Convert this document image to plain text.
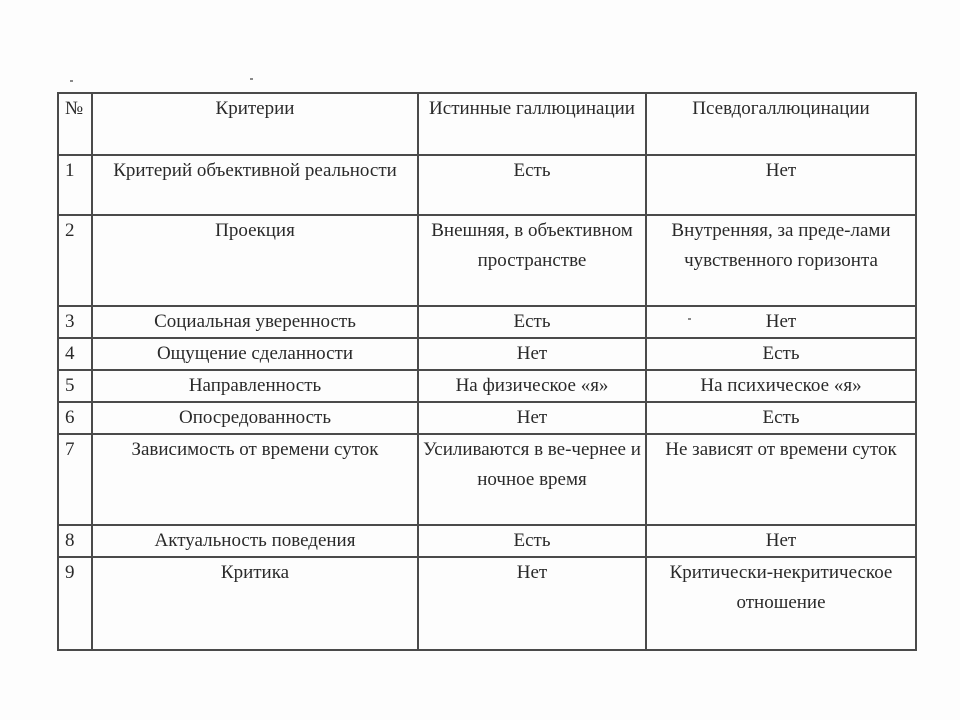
№	Критерии	Истинные галлюцинации	Псевдогаллюцинации
1	Критерий объективной реальности	Есть	Нет
2	Проекция	Внешняя, в объективном пространстве	Внутренняя, за преде-лами чувственного горизонта
3	Социальная уверенность	Есть	Нет
4	Ощущение сделанности	Нет	Есть
5	Направленность	На физическое «я»	На психическое «я»
6	Опосредованность	Нет	Есть
7	Зависимость от времени суток	Усиливаются в ве-чернее и ночное время	Не зависят от времени суток
8	Актуальность поведения	Есть	Нет
9	Критика	Нет	Критически-некритическое отношение
